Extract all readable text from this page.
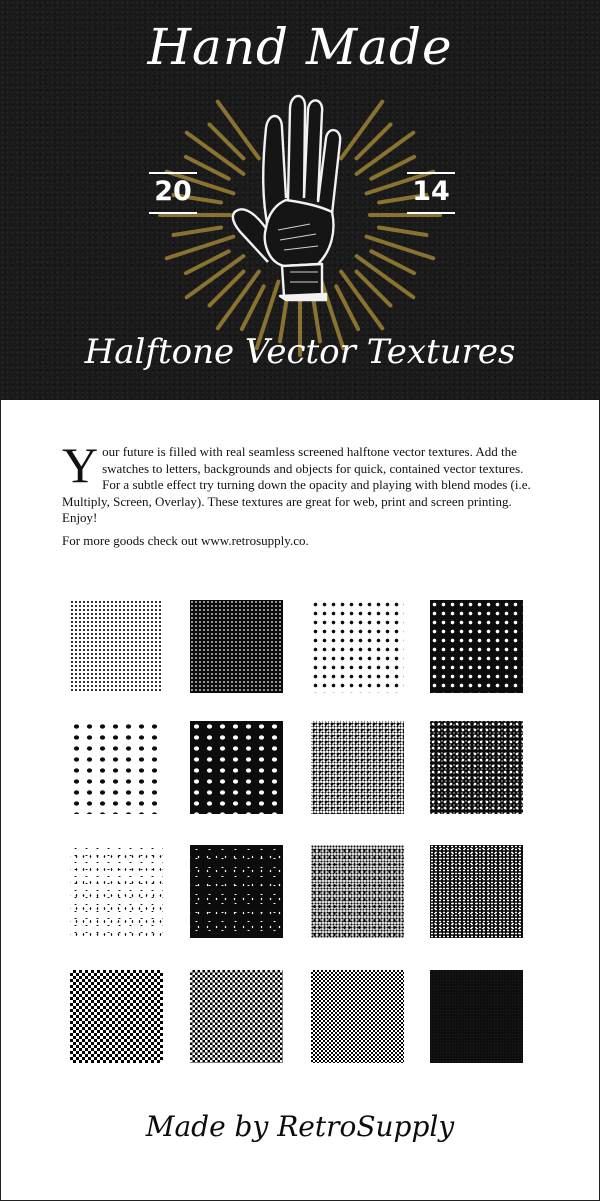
Hand Made
20	14
Halftone Vector Textures
Y our future is filled with real seamless screened halftone vector textures. Add the swatches to letters, backgrounds and objects for quick, contained vector textures. For a subtle effect try turning down the opacity and playing with blend modes (i.e. Multiply, Screen, Overlay). These textures are great for web, print and screen printing. Enjoy!
For more goods check out www.retrosupply.co.
Made by RetroSupply
